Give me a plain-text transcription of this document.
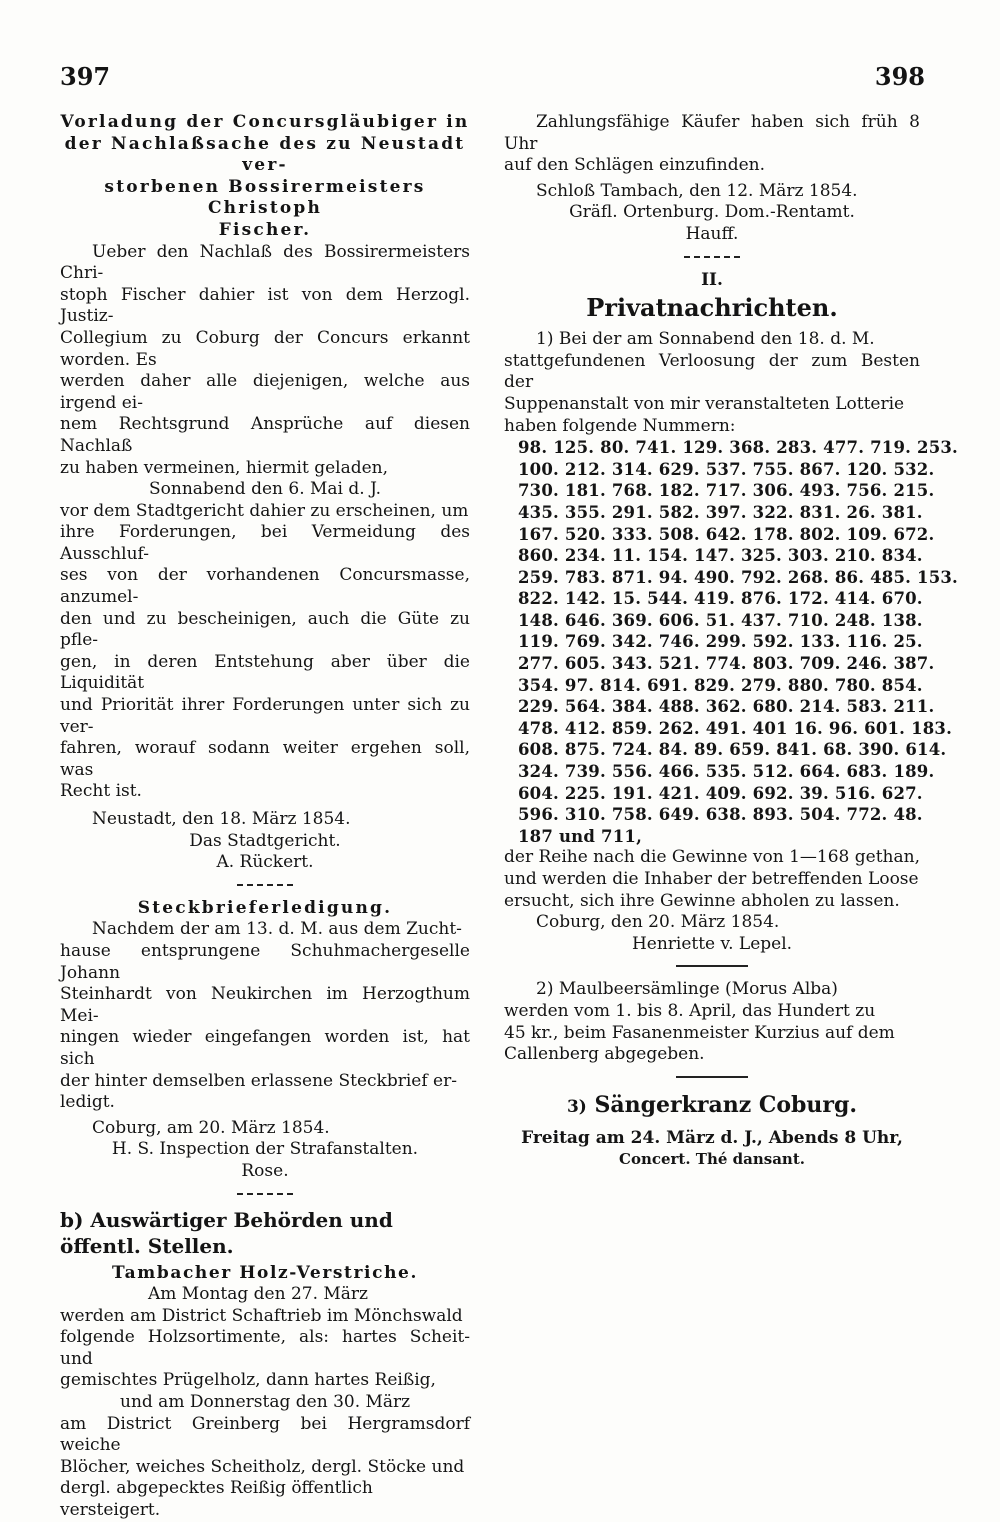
397	398

Vorladung der Concursgläubiger in

der Nachlaßsache des zu Neustadt ver-

storbenen Bossirermeisters Christoph

Fischer.

Ueber den Nachlaß des Bossirermeisters Chri-

stoph Fischer dahier ist von dem Herzogl. Justiz-

Collegium zu Coburg der Concurs erkannt worden. Es

werden daher alle diejenigen, welche aus irgend ei-

nem Rechtsgrund Ansprüche auf diesen Nachlaß

zu haben vermeinen, hiermit geladen,

Sonnabend den 6. Mai d. J.

vor dem Stadtgericht dahier zu erscheinen, um

ihre Forderungen, bei Vermeidung des Ausschluf-

ses von der vorhandenen Concursmasse, anzumel-

den und zu bescheinigen, auch die Güte zu pfle-

gen, in deren Entstehung aber über die Liquidität

und Priorität ihrer Forderungen unter sich zu ver-

fahren, worauf sodann weiter ergehen soll, was

Recht ist.

Neustadt, den 18. März 1854.

Das Stadtgericht.

A. Rückert.

Steckbrieferledigung.

Nachdem der am 13. d. M. aus dem Zucht-

hause entsprungene Schuhmachergeselle Johann

Steinhardt von Neukirchen im Herzogthum Mei-

ningen wieder eingefangen worden ist, hat sich

der hinter demselben erlassene Steckbrief er-

ledigt.

Coburg, am 20. März 1854.

H. S. Inspection der Strafanstalten.

Rose.

b) Auswärtiger Behörden und öffentl. Stellen.

Tambacher Holz-Verstriche.

Am Montag den 27. März

werden am District Schaftrieb im Mönchswald

folgende Holzsortimente, als: hartes Scheit- und

gemischtes Prügelholz, dann hartes Reißig,

und am Donnerstag den 30. März

am District Greinberg bei Hergramsdorf weiche

Blöcher, weiches Scheitholz, dergl. Stöcke und

dergl. abgepecktes Reißig öffentlich versteigert.

Zahlungsfähige Käufer haben sich früh 8 Uhr

auf den Schlägen einzufinden.

Schloß Tambach, den 12. März 1854.

Gräfl. Ortenburg. Dom.-Rentamt.

Hauff.

II.

Privatnachrichten.

1) Bei der am Sonnabend den 18. d. M.

stattgefundenen Verloosung der zum Besten der

Suppenanstalt von mir veranstalteten Lotterie

haben folgende Nummern:

98. 125. 80. 741. 129. 368. 283. 477. 719. 253.

100. 212. 314. 629. 537. 755. 867. 120. 532.

730. 181. 768. 182. 717. 306. 493. 756. 215.

435. 355. 291. 582. 397. 322. 831. 26. 381.

167. 520. 333. 508. 642. 178. 802. 109. 672.

860. 234. 11. 154. 147. 325. 303. 210. 834.

259. 783. 871. 94. 490. 792. 268. 86. 485. 153.

822. 142. 15. 544. 419. 876. 172. 414. 670.

148. 646. 369. 606. 51. 437. 710. 248. 138.

119. 769. 342. 746. 299. 592. 133. 116. 25.

277. 605. 343. 521. 774. 803. 709. 246. 387.

354. 97. 814. 691. 829. 279. 880. 780. 854.

229. 564. 384. 488. 362. 680. 214. 583. 211.

478. 412. 859. 262. 491. 401 16. 96. 601. 183.

608. 875. 724. 84. 89. 659. 841. 68. 390. 614.

324. 739. 556. 466. 535. 512. 664. 683. 189.

604. 225. 191. 421. 409. 692. 39. 516. 627.

596. 310. 758. 649. 638. 893. 504. 772. 48.

187 und 711,

der Reihe nach die Gewinne von 1—168 gethan,

und werden die Inhaber der betreffenden Loose

ersucht, sich ihre Gewinne abholen zu lassen.

Coburg, den 20. März 1854.

Henriette v. Lepel.

2) Maulbeersämlinge (Morus Alba)

werden vom 1. bis 8. April, das Hundert zu

45 kr., beim Fasanenmeister Kurzius auf dem

Callenberg abgegeben.

3) Sängerkranz Coburg.

Freitag am 24. März d. J., Abends 8 Uhr,

Concert. Thé dansant.
